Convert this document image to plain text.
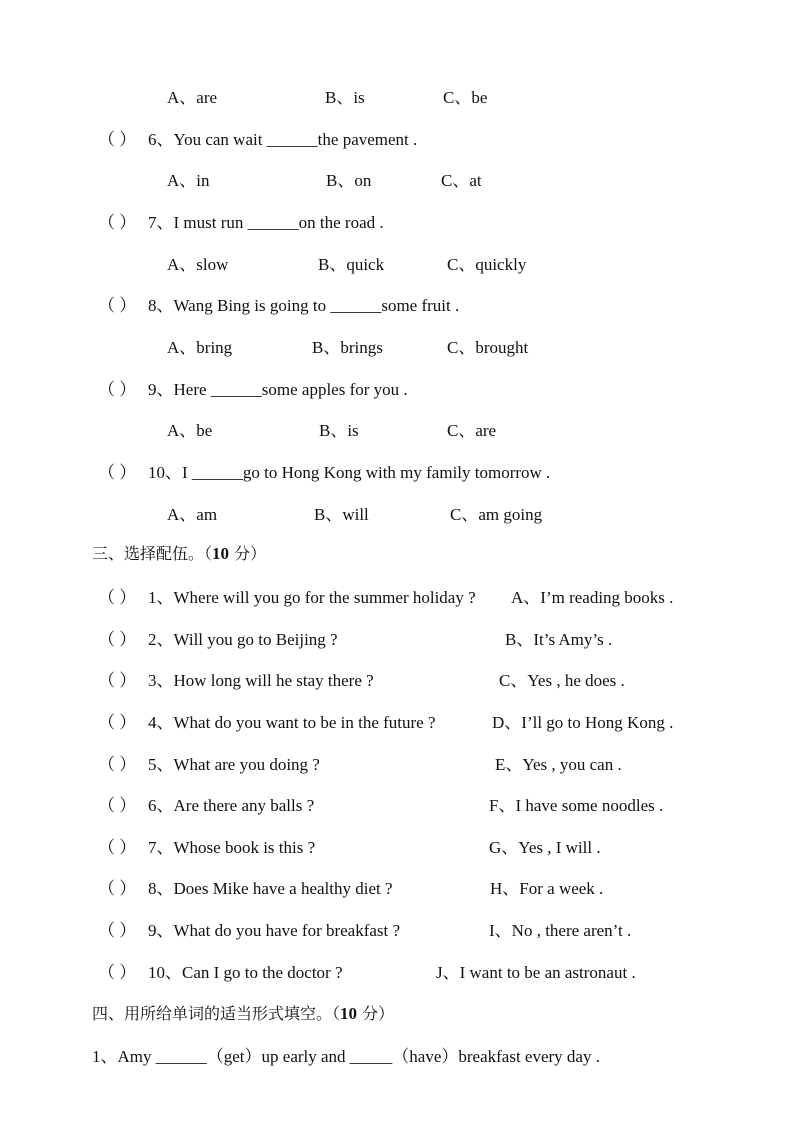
A、are	B、is	C、be
（ ） 6、You can wait ______the pavement .
A、in	B、on	C、at
（ ） 7、I must run ______on the road .
A、slow	B、quick	C、quickly
（ ） 8、Wang Bing is going to ______some fruit .
A、bring	B、brings	C、brought
（ ） 9、Here ______some apples for you .
A、be	B、is	C、are
（ ） 10、I ______go to Hong Kong with my family tomorrow .
A、am	B、will	C、am going
三、选择配伍。（10 分）
（ ） 1、Where will you go for the summer holiday ? A、I’m reading books .
（ ） 2、Will you go to Beijing ?	B、It’s Amy’s .
（ ） 3、How long will he stay there ?	C、Yes , he does .
（ ） 4、What do you want to be in the future ?	D、I’ll go to Hong Kong .
（ ） 5、What are you doing ?	E、Yes , you can .
（ ） 6、Are there any balls ?	F、I have some noodles .
（ ） 7、Whose book is this ?	G、Yes , I will .
（ ） 8、Does Mike have a healthy diet ?	H、For a week .
（ ） 9、What do you have for breakfast ?	I、No , there aren’t .
（ ） 10、Can I go to the doctor ?	J、I want to be an astronaut .
四、用所给单词的适当形式填空。（10 分）
1、Amy ______（get）up early and _____（have）breakfast every day .
